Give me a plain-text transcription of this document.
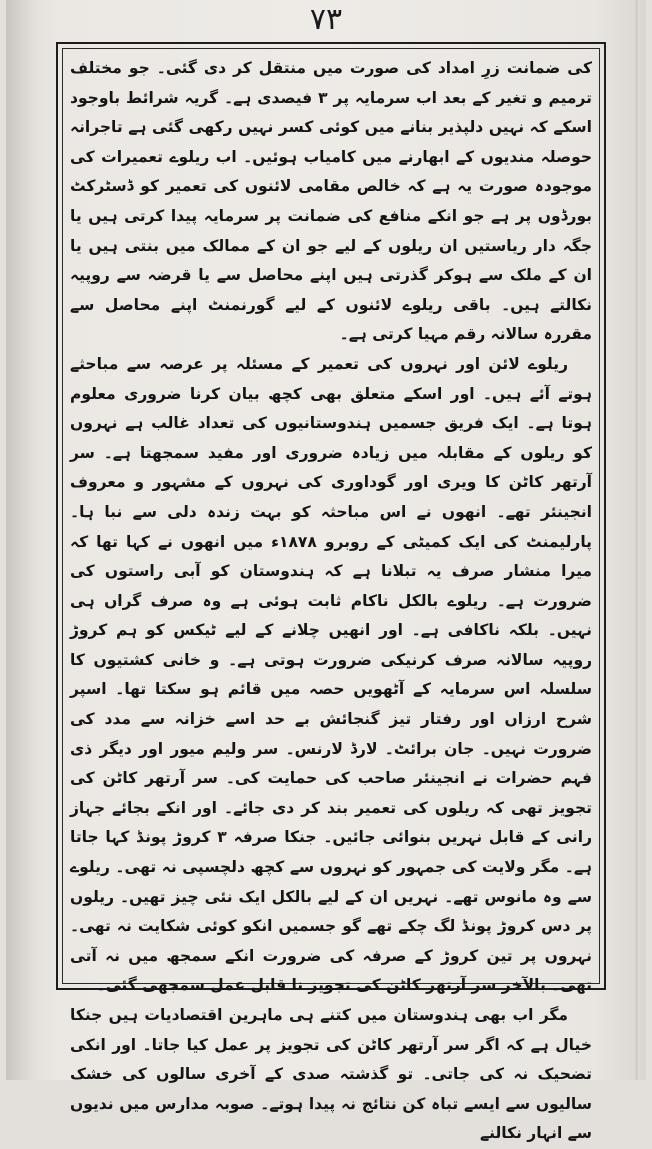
۷۳

کی ضمانت زرِ امداد کی صورت میں منتقل کر دی گئی۔ جو مختلف ترمیم و تغیر کے بعد اب سرمایہ پر ۳ فیصدی ہے۔ گریہ شرائط باوجود اسکے کہ نہیں دلپذیر بنانے میں کوئی کسر نہیں رکھی گئی ہے تاجرانہ حوصلہ مندیوں کے ابھارنے میں کامیاب ہوئیں۔ اب ریلوے تعمیرات کی موجودہ صورت یہ ہے کہ خالص مقامی لائنوں کی تعمیر کو ڈسٹرکٹ بورڈوں پر ہے جو انکے منافع کی ضمانت پر سرمایہ پیدا کرتی ہیں یا جگہ دار ریاستیں ان ریلوں کے لیے جو ان کے ممالک میں بنتی ہیں یا ان کے ملک سے ہوکر گذرتی ہیں اپنے محاصل سے یا قرضہ سے روپیہ نکالتے ہیں۔ باقی ریلوے لائنوں کے لیے گورنمنٹ اپنے محاصل سے مقررہ سالانہ رقم مہیا کرتی ہے۔

ریلوے لائن اور نہروں کی تعمیر کے مسئلہ پر عرصہ سے مباحثے ہوتے آئے ہیں۔ اور اسکے متعلق بھی کچھ بیان کرنا ضروری معلوم ہوتا ہے۔ ایک فریق جسمیں ہندوستانیوں کی تعداد غالب ہے نہروں کو ریلوں کے مقابلہ میں زیادہ ضروری اور مفید سمجھتا ہے۔ سر آرتھر کاٹن کا ویری اور گوداوری کی نہروں کے مشہور و معروف انجینئر تھے۔ انھوں نے اس مباحثہ کو بہت زندہ دلی سے نبا ہا۔ پارلیمنٹ کی ایک کمیٹی کے روبرو ۱۸۷۸ء میں انھوں نے کہا تھا کہ میرا منشار صرف یہ تبلانا ہے کہ ہندوستان کو آبی راستوں کی ضرورت ہے۔ ریلوے بالکل ناکام ثابت ہوئی ہے وہ صرف گراں ہی نہیں۔ بلکہ ناکافی ہے۔ اور انھیں چلانے کے لیے ٹیکس کو ہم کروڑ روپیہ سالانہ صرف کرنیکی ضرورت ہوتی ہے۔ و خانی کشتیوں کا سلسلہ اس سرمایہ کے آٹھویں حصہ میں قائم ہو سکتا تھا۔ اسپر شرح ارزاں اور رفتار تیز گنجائش بے حد اسے خزانہ سے مدد کی ضرورت نہیں۔ جان برائٹ۔ لارڈ لارنس۔ سر ولیم میور اور دیگر ذی فہم حضرات نے انجینئر صاحب کی حمایت کی۔ سر آرتھر کاٹن کی تجویز تھی کہ ریلوں کی تعمیر بند کر دی جائے۔ اور انکے بجائے جہاز رانی کے قابل نہریں بنوائی جائیں۔ جنکا صرفہ ۳ کروڑ پونڈ کہا جاتا ہے۔ مگر ولایت کی جمہور کو نہروں سے کچھ دلچسپی نہ تھی۔ ریلوے سے وہ مانوس تھے۔ نہریں ان کے لیے بالکل ایک نئی چیز تھیں۔ ریلوں پر دس کروڑ پونڈ لگ چکے تھے گو جسمیں انکو کوئی شکایت نہ تھی۔ نہروں پر تین کروڑ کے صرفہ کی ضرورت انکے سمجھ میں نہ آتی تھی۔ بالآخر سر آرتھر کاٹن کی تجویز نا قابل عمل سمجھی گئی۔

مگر اب بھی ہندوستان میں کتنے ہی ماہرین اقتصادیات ہیں جنکا خیال ہے کہ اگر سر آرتھر کاٹن کی تجویز پر عمل کیا جاتا۔ اور انکی تضحیک نہ کی جاتی۔ تو گذشتہ صدی کے آخری سالوں کی خشک سالیوں سے ایسے تباہ کن نتائج نہ پیدا ہوتے۔ صوبہ مدارس میں ندیوں سے انہار نکالنے
